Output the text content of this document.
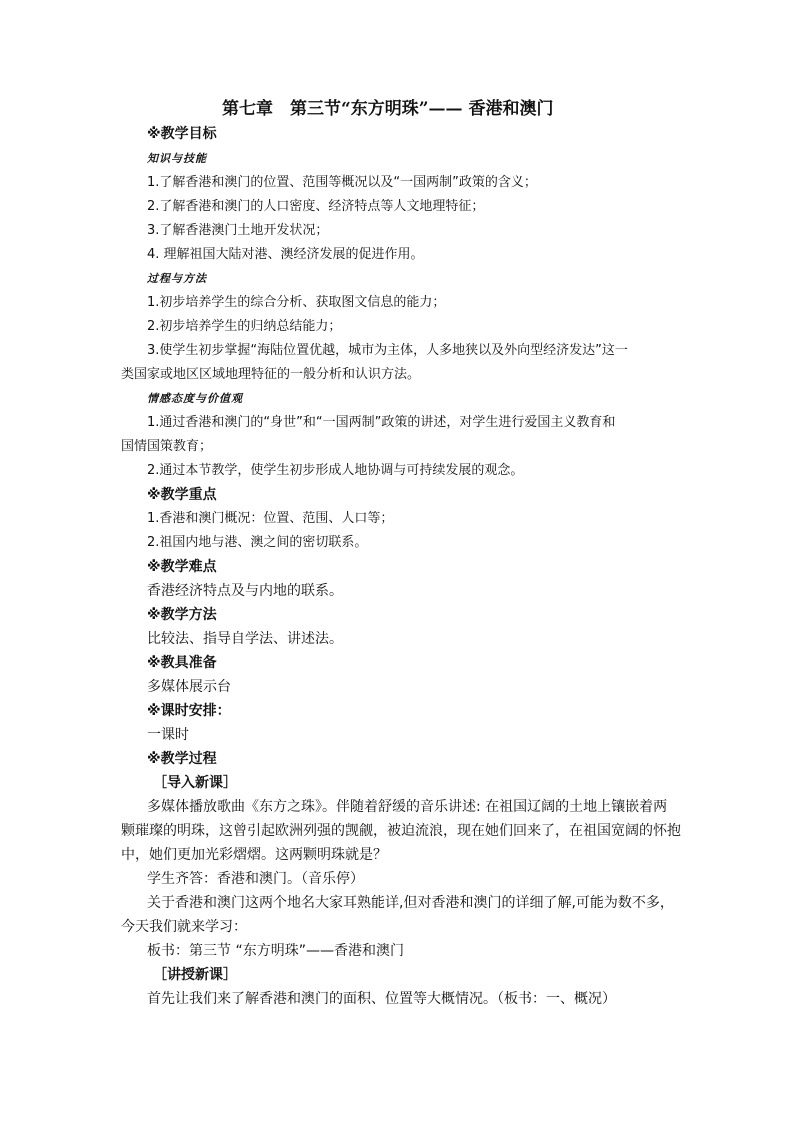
第七章　第三节“东方明珠”—— 香港和澳门
※教学目标
知识与技能
1.了解香港和澳门的位置、范围等概况以及“一国两制”政策的含义；
2.了解香港和澳门的人口密度、经济特点等人文地理特征；
3.了解香港澳门土地开发状况；
4. 理解祖国大陆对港、澳经济发展的促进作用。
过程与方法
1.初步培养学生的综合分析、获取图文信息的能力；
2.初步培养学生的归纳总结能力；
3.使学生初步掌握“海陆位置优越，城市为主体，人多地狭以及外向型经济发达”这一
类国家或地区区域地理特征的一般分析和认识方法。
情感态度与价值观
1.通过香港和澳门的“身世”和“一国两制”政策的讲述，对学生进行爱国主义教育和
国情国策教育；
2.通过本节教学，使学生初步形成人地协调与可持续发展的观念。
※教学重点
1.香港和澳门概况：位置、范围、人口等；
2.祖国内地与港、澳之间的密切联系。
※教学难点
香港经济特点及与内地的联系。
※教学方法
比较法、指导自学法、讲述法。
※教具准备
多媒体展示台
※课时安排：
一课时
※教学过程
［导入新课］
多媒体播放歌曲《东方之珠》。伴随着舒缓的音乐讲述: 在祖国辽阔的土地上镶嵌着两
颗璀璨的明珠，这曾引起欧洲列强的觊觎，被迫流浪，现在她们回来了，在祖国宽阔的怀抱
中，她们更加光彩熠熠。这两颗明珠就是？
学生齐答：香港和澳门。（音乐停）
关于香港和澳门这两个地名大家耳熟能详,但对香港和澳门的详细了解,可能为数不多，
今天我们就来学习：
板书：第三节 “东方明珠”——香港和澳门
［讲授新课］
首先让我们来了解香港和澳门的面积、位置等大概情况。（板书：一、概况）
